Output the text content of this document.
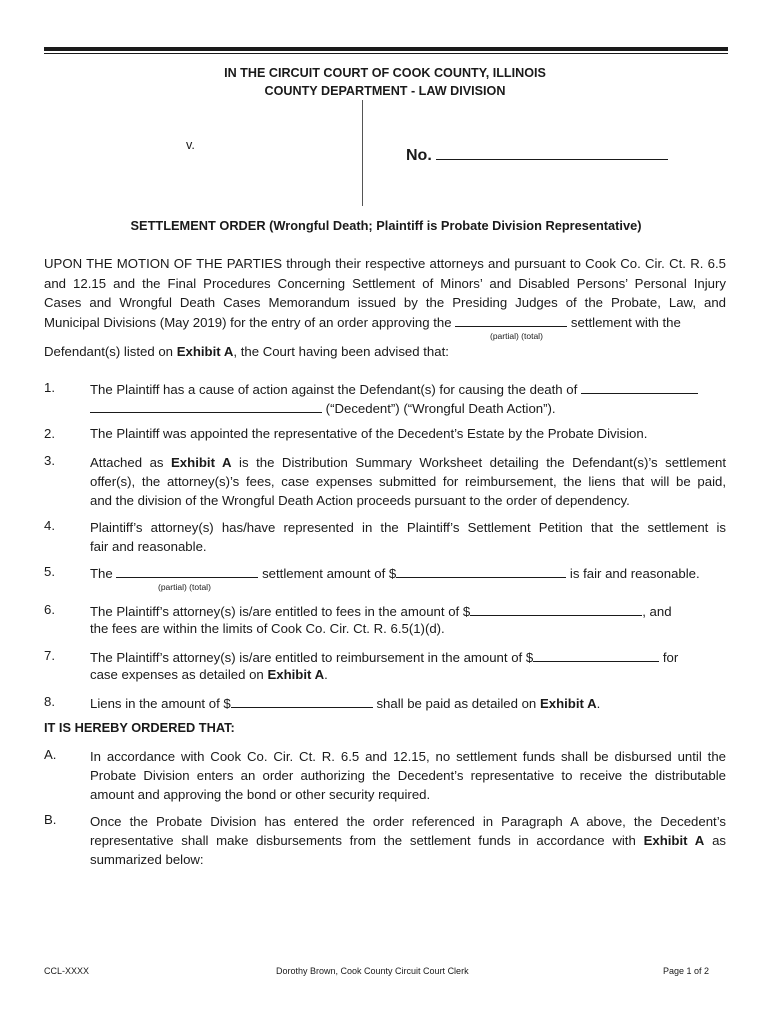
IN THE CIRCUIT COURT OF COOK COUNTY, ILLINOIS
COUNTY DEPARTMENT - LAW DIVISION
v.
No.
SETTLEMENT ORDER (Wrongful Death; Plaintiff is Probate Division Representative)
UPON THE MOTION OF THE PARTIES through their respective attorneys and pursuant to Cook Co. Cir. Ct. R. 6.5
and 12.15 and the Final Procedures Concerning Settlement of Minors’ and Disabled Persons’ Personal Injury
Cases and Wrongful Death Cases Memorandum issued by the Presiding Judges of the Probate, Law, and
Municipal Divisions (May 2019) for the entry of an order approving the	settlement with the
(partial) (total)
Defendant(s) listed on Exhibit A, the Court having been advised that:
1.	The Plaintiff has a cause of action against the Defendant(s) for causing the death of
(“Decedent”) (“Wrongful Death Action”).
2.	The Plaintiff was appointed the representative of the Decedent’s Estate by the Probate Division.
3.	Attached as Exhibit A is the Distribution Summary Worksheet detailing the Defendant(s)’s settlement
offer(s), the attorney(s)’s fees, case expenses submitted for reimbursement, the liens that will be paid,
and the division of the Wrongful Death Action proceeds pursuant to the order of dependency.
4.	Plaintiff’s attorney(s) has/have represented in the Plaintiff’s Settlement Petition that the settlement is
fair and reasonable.
5.	The	settlement amount of $	is fair and reasonable.
(partial) (total)
6.	The Plaintiff’s attorney(s) is/are entitled to fees in the amount of $	, and
the fees are within the limits of Cook Co. Cir. Ct. R. 6.5(1)(d).
7.	The Plaintiff’s attorney(s) is/are entitled to reimbursement in the amount of $	for
case expenses as detailed on Exhibit A.
8.	Liens in the amount of $	shall be paid as detailed on Exhibit A.
IT IS HEREBY ORDERED THAT:
A.	In accordance with Cook Co. Cir. Ct. R. 6.5 and 12.15, no settlement funds shall be disbursed until the
Probate Division enters an order authorizing the Decedent’s representative to receive the distributable
amount and approving the bond or other security required.
B.	Once the Probate Division has entered the order referenced in Paragraph A above, the Decedent’s
representative shall make disbursements from the settlement funds in accordance with Exhibit A as
summarized below:
CCL-XXXX	Dorothy Brown, Cook County Circuit Court Clerk	Page 1 of 2
